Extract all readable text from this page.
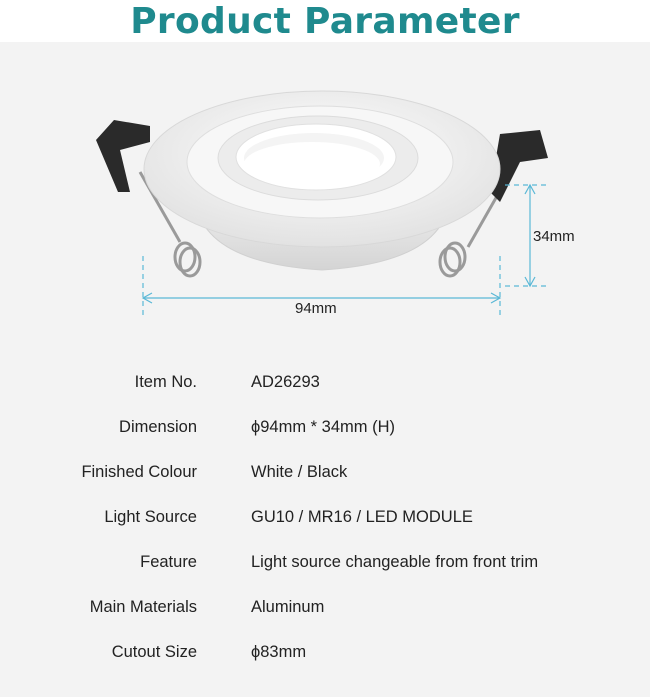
Product Parameter
34mm
94mm
Item No.	AD26293
Dimension	ϕ94mm * 34mm (H)
Finished Colour	White / Black
Light Source	GU10 / MR16 / LED MODULE
Feature	Light source changeable from front trim
Main Materials	Aluminum
Cutout Size	ϕ83mm
